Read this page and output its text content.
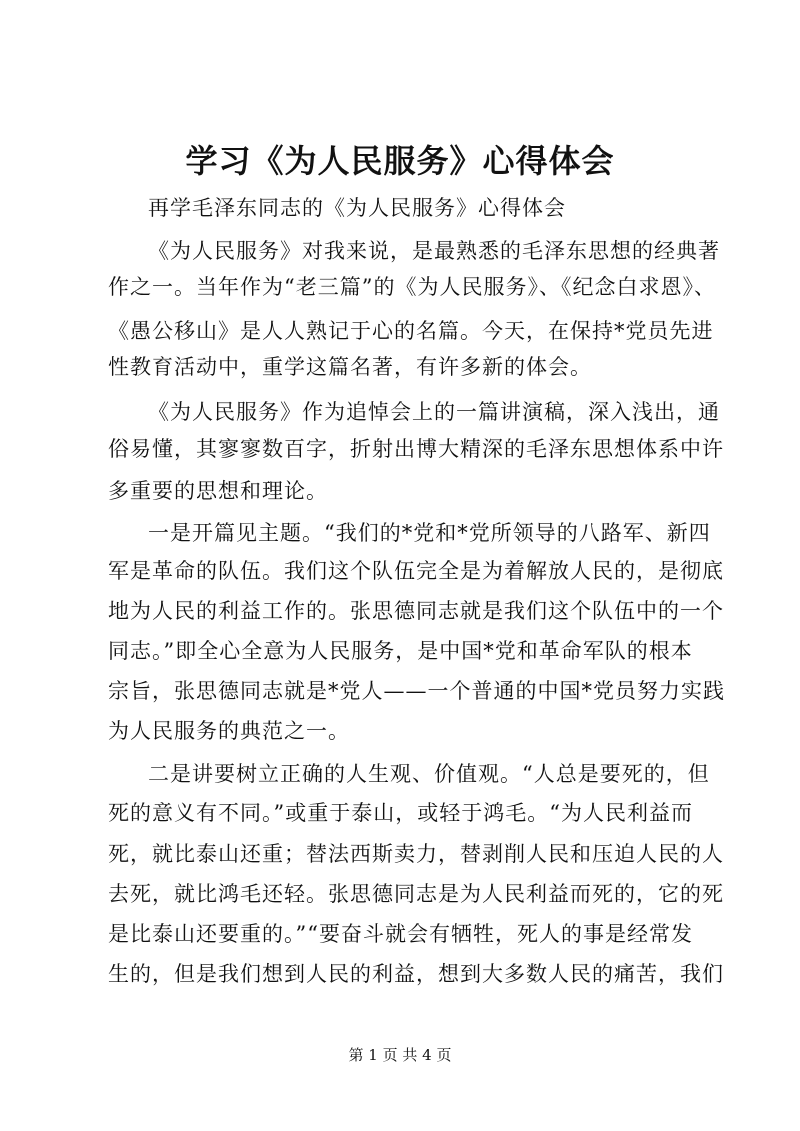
学习《为人民服务》心得体会
再学毛泽东同志的《为人民服务》心得体会
《为人民服务》对我来说，是最熟悉的毛泽东思想的经典著
作之一。当年作为“老三篇”的《为人民服务》、《纪念白求恩》、
《愚公移山》是人人熟记于心的名篇。今天，在保持*党员先进
性教育活动中，重学这篇名著，有许多新的体会。
《为人民服务》作为追悼会上的一篇讲演稿，深入浅出，通
俗易懂，其寥寥数百字，折射出博大精深的毛泽东思想体系中许
多重要的思想和理论。
一是开篇见主题。“我们的*党和*党所领导的八路军、新四
军是革命的队伍。我们这个队伍完全是为着解放人民的，是彻底
地为人民的利益工作的。张思德同志就是我们这个队伍中的一个
同志。”即全心全意为人民服务，是中国*党和革命军队的根本
宗旨，张思德同志就是*党人——一个普通的中国*党员努力实践
为人民服务的典范之一。
二是讲要树立正确的人生观、价值观。“人总是要死的，但
死的意义有不同。”或重于泰山，或轻于鸿毛。“为人民利益而
死，就比泰山还重；替法西斯卖力，替剥削人民和压迫人民的人
去死，就比鸿毛还轻。张思德同志是为人民利益而死的，它的死
是比泰山还要重的。”“要奋斗就会有牺牲，死人的事是经常发
生的，但是我们想到人民的利益，想到大多数人民的痛苦，我们
第 1 页 共 4 页
